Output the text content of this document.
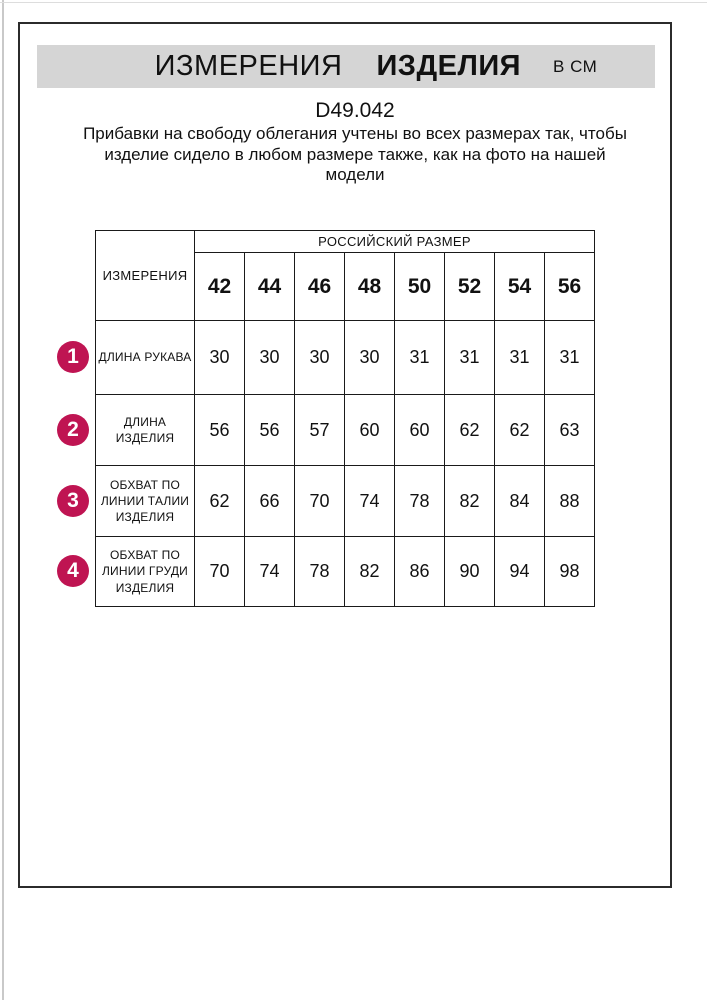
ИЗМЕРЕНИЯ ИЗДЕЛИЯ В СМ
D49.042
Прибавки на свободу облегания учтены во всех размерах так, чтобы изделие сидело в любом размере также, как на фото на нашей модели
ИЗМЕРЕНИЯ	РОССИЙСКИЙ РАЗМЕР							
	42	44	46	48	50	52	54	56
ДЛИНА РУКАВА	30	30	30	30	31	31	31	31
ДЛИНА ИЗДЕЛИЯ	56	56	57	60	60	62	62	63
ОБХВАТ ПО ЛИНИИ ТАЛИИ ИЗДЕЛИЯ	62	66	70	74	78	82	84	88
ОБХВАТ ПО ЛИНИИ ГРУДИ ИЗДЕЛИЯ	70	74	78	82	86	90	94	98
1
2
3
4
